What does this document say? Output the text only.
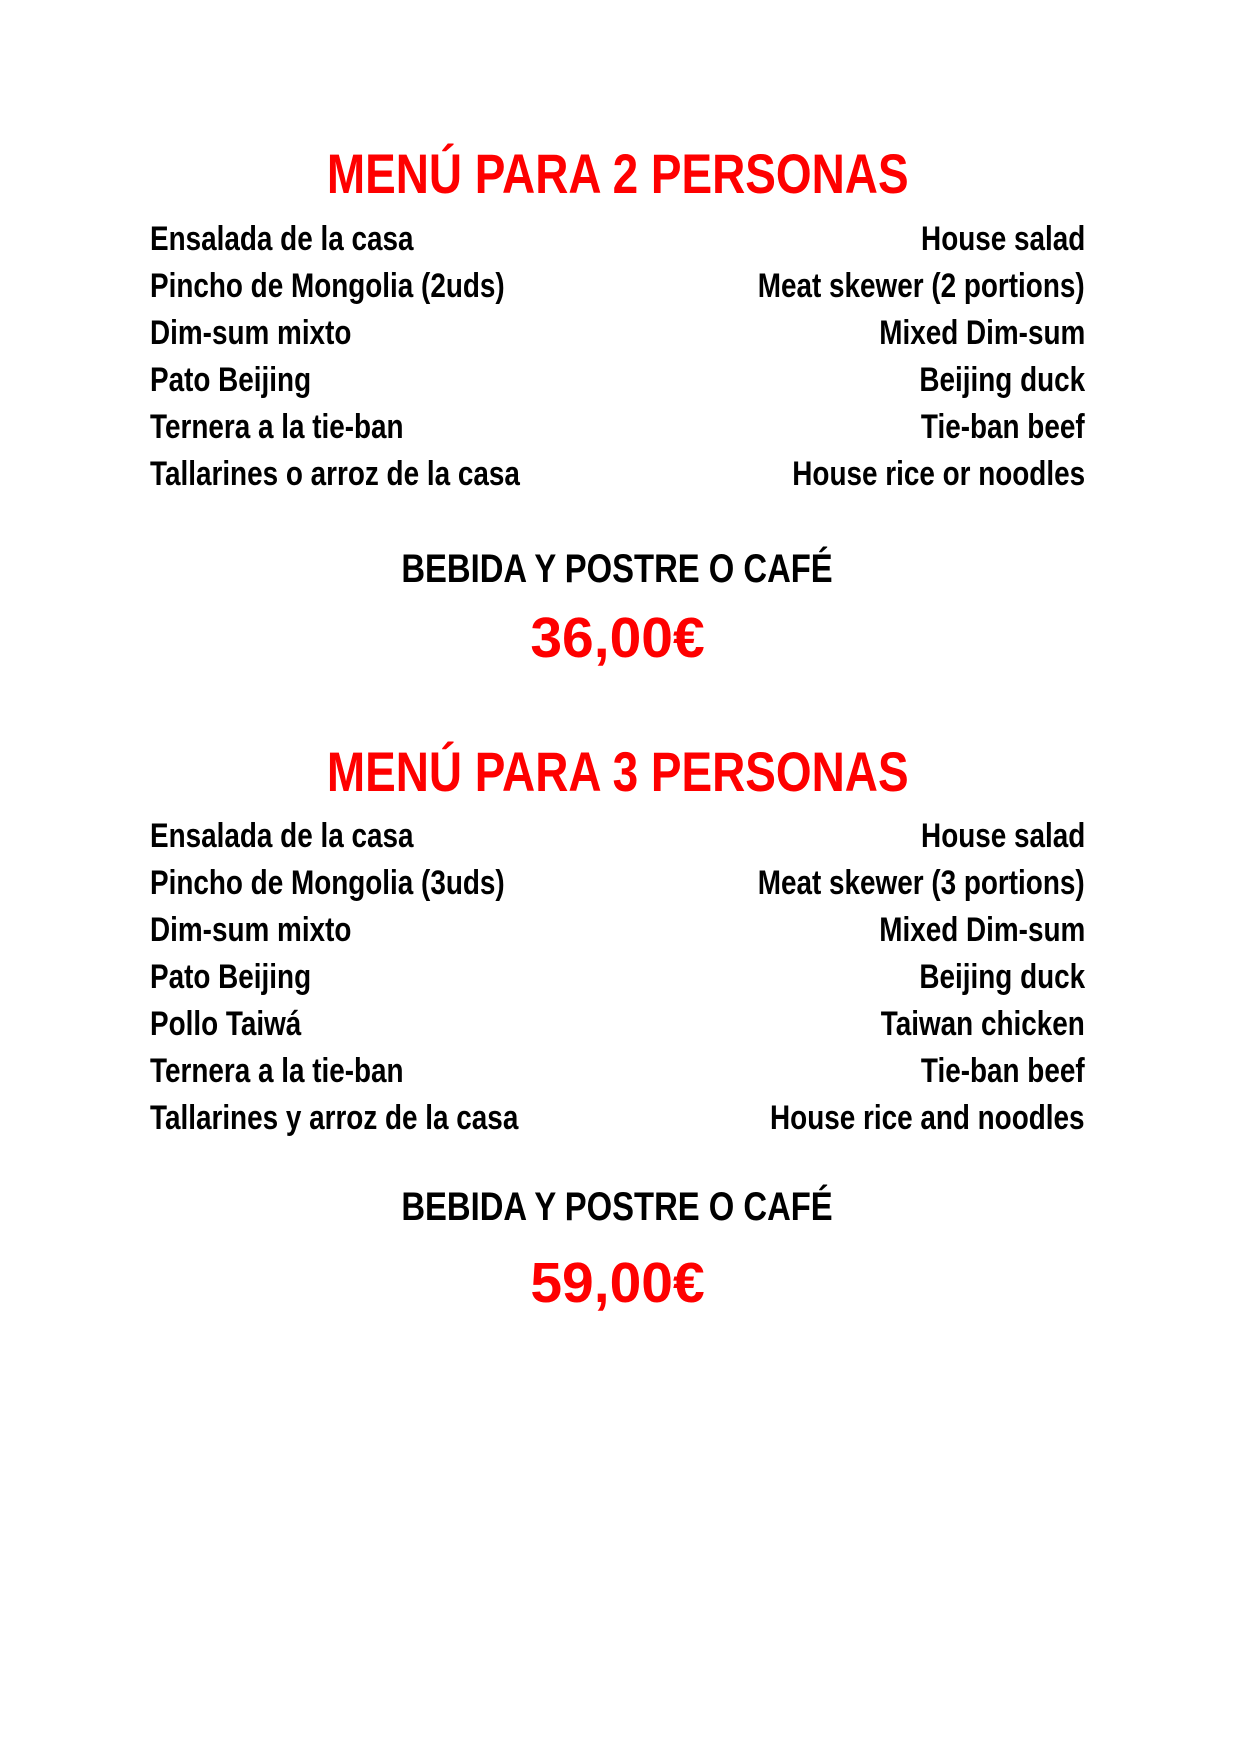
MENÚ PARA 2 PERSONAS
Ensalada de la casa	House salad
Pincho de Mongolia (2uds)	Meat skewer (2 portions)
Dim-sum mixto	Mixed Dim-sum
Pato Beijing	Beijing duck
Ternera a la tie-ban	Tie-ban beef
Tallarines o arroz de la casa	House rice or noodles
BEBIDA Y POSTRE O CAFÉ
36,00€
MENÚ PARA 3 PERSONAS
Ensalada de la casa	House salad
Pincho de Mongolia (3uds)	Meat skewer (3 portions)
Dim-sum mixto	Mixed Dim-sum
Pato Beijing	Beijing duck
Pollo Taiwá	Taiwan chicken
Ternera a la tie-ban	Tie-ban beef
Tallarines y arroz de la casa	House rice and noodles
BEBIDA Y POSTRE O CAFÉ
59,00€
